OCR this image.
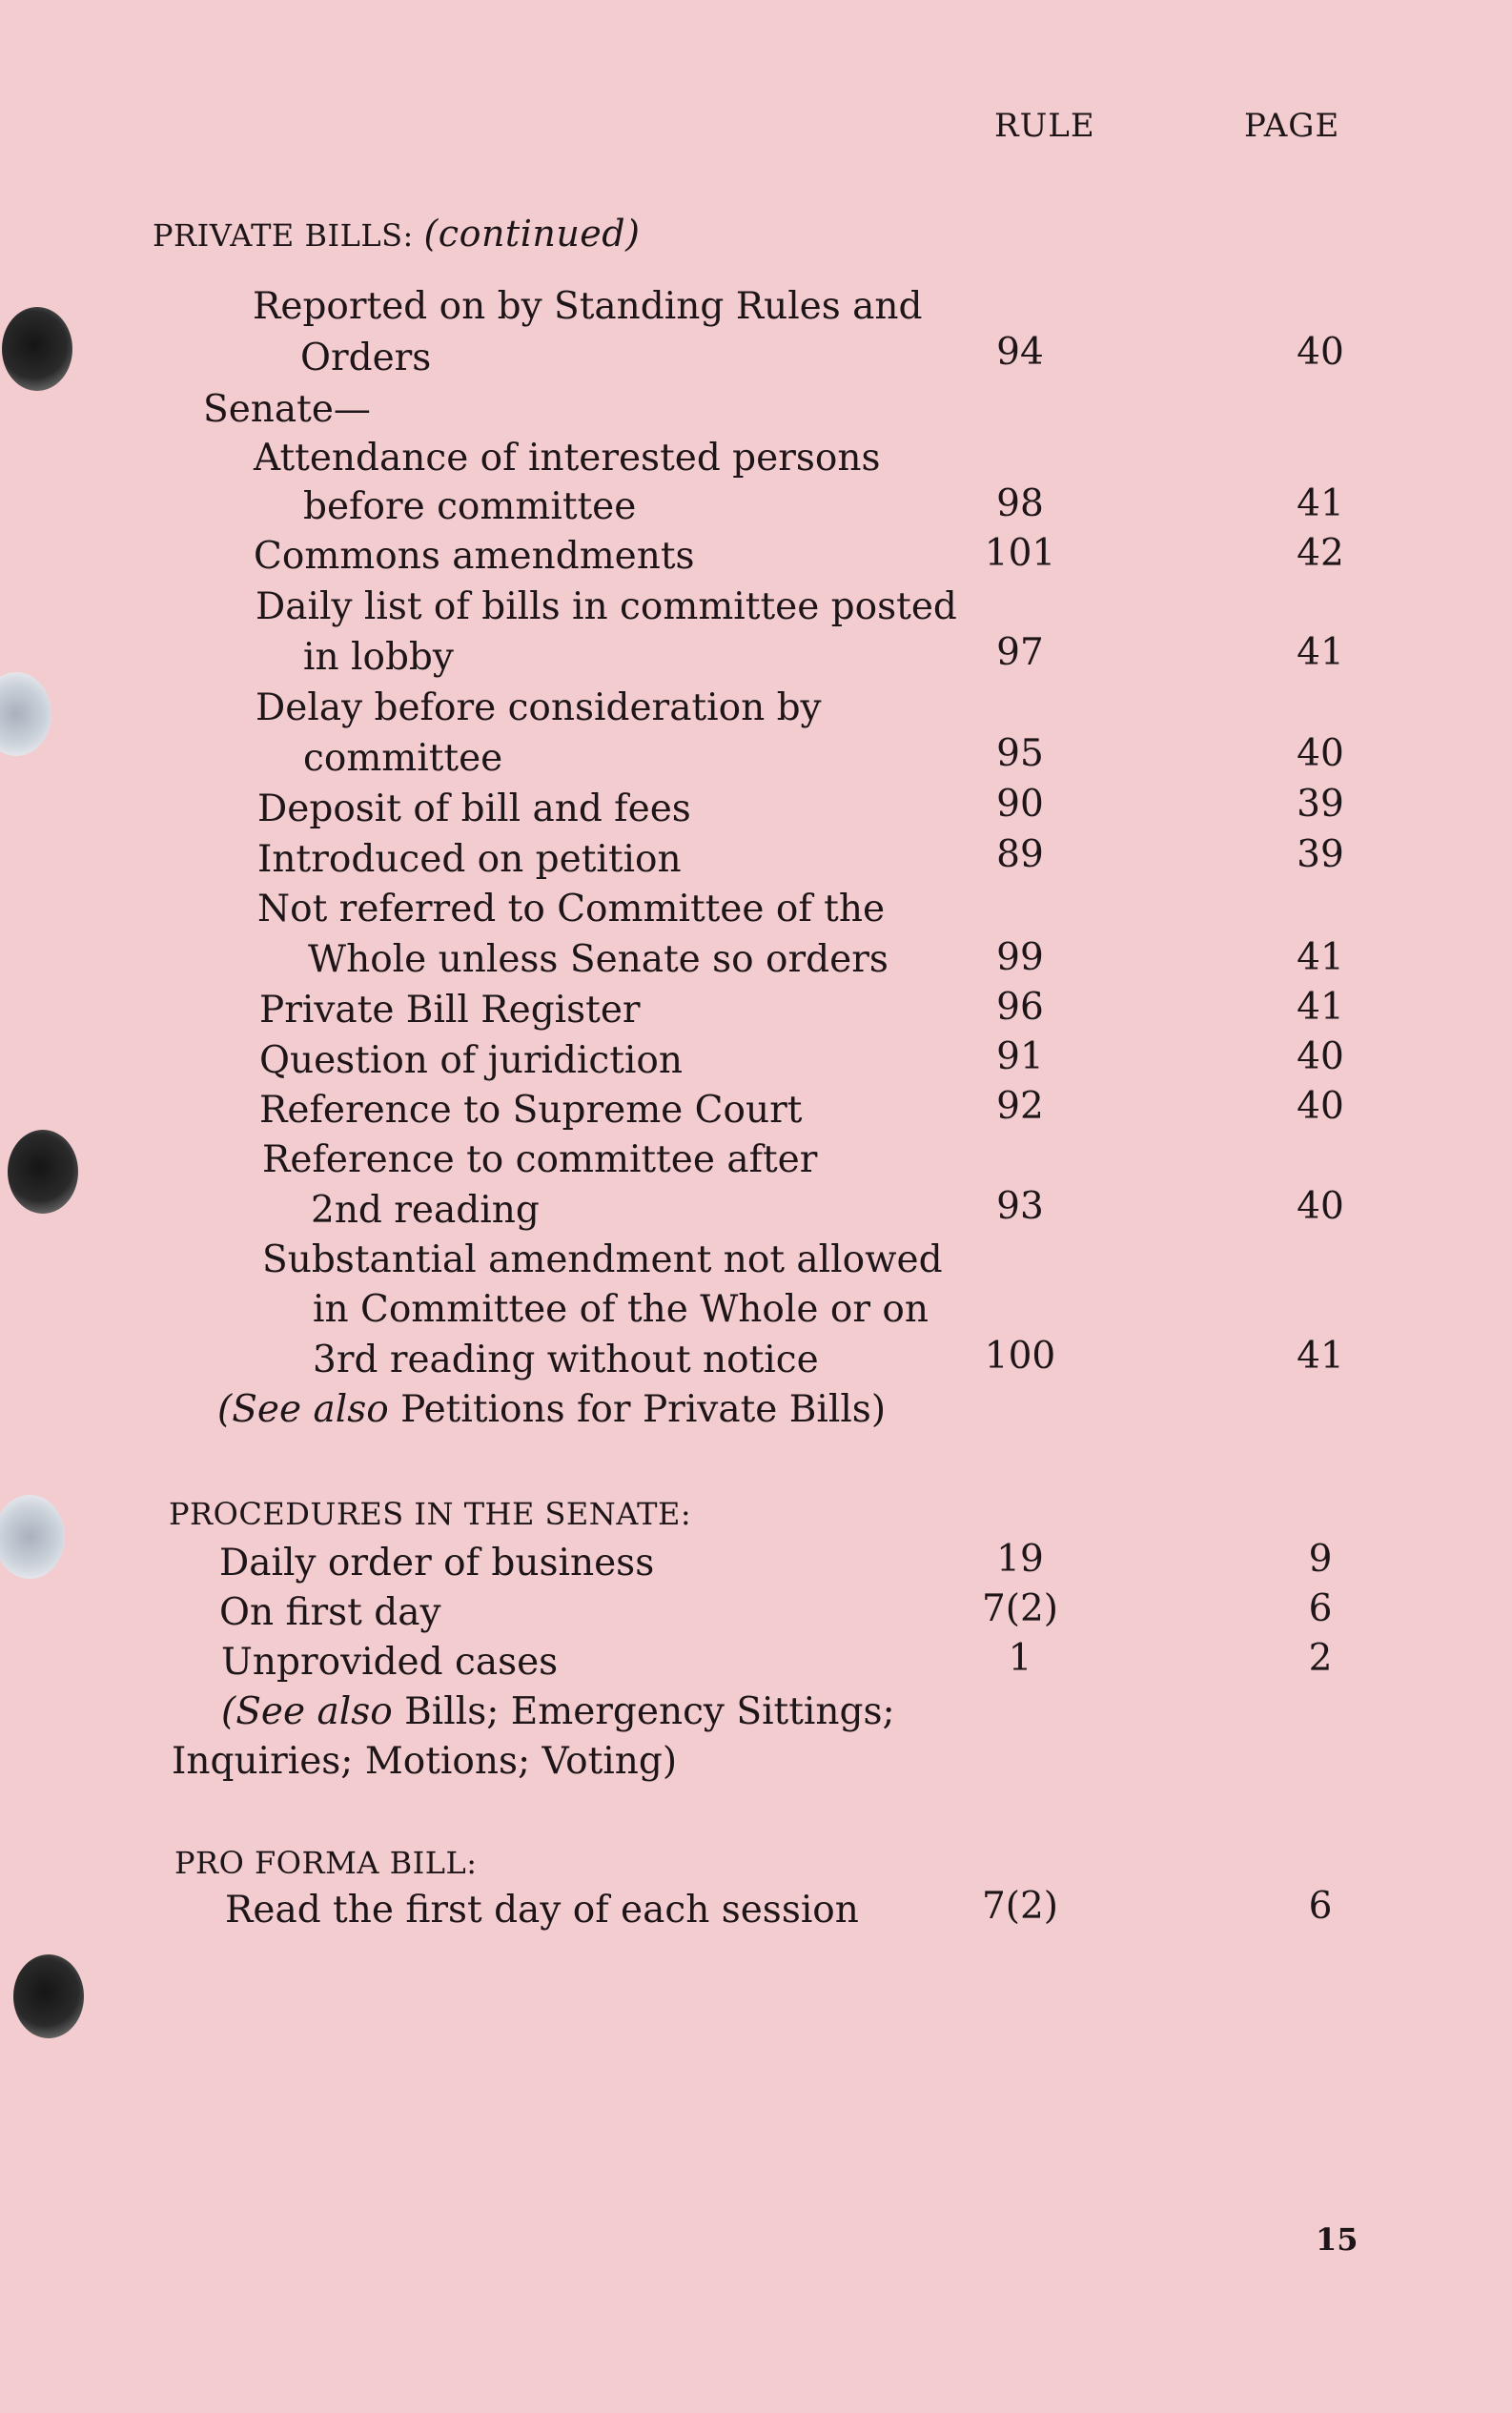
RULE	PAGE
PRIVATE BILLS: (continued)
Reported on by Standing Rules and
Orders	94	40
Senate—
Attendance of interested persons
before committee	98	41
Commons amendments	101	42
Daily list of bills in committee posted
in lobby	97	41
Delay before consideration by
committee	95	40
Deposit of bill and fees	90	39
Introduced on petition	89	39
Not referred to Committee of the
Whole unless Senate so orders	99	41
Private Bill Register	96	41
Question of juridiction	91	40
Reference to Supreme Court	92	40
Reference to committee after
2nd reading	93	40
Substantial amendment not allowed
in Committee of the Whole or on
3rd reading without notice	100	41
(See also Petitions for Private Bills)
PROCEDURES IN THE SENATE:
Daily order of business	19	9
On first day	7(2)	6
Unprovided cases	1	2
(See also Bills; Emergency Sittings;
Inquiries; Motions; Voting)
PRO FORMA BILL:
Read the first day of each session	7(2)	6
15
